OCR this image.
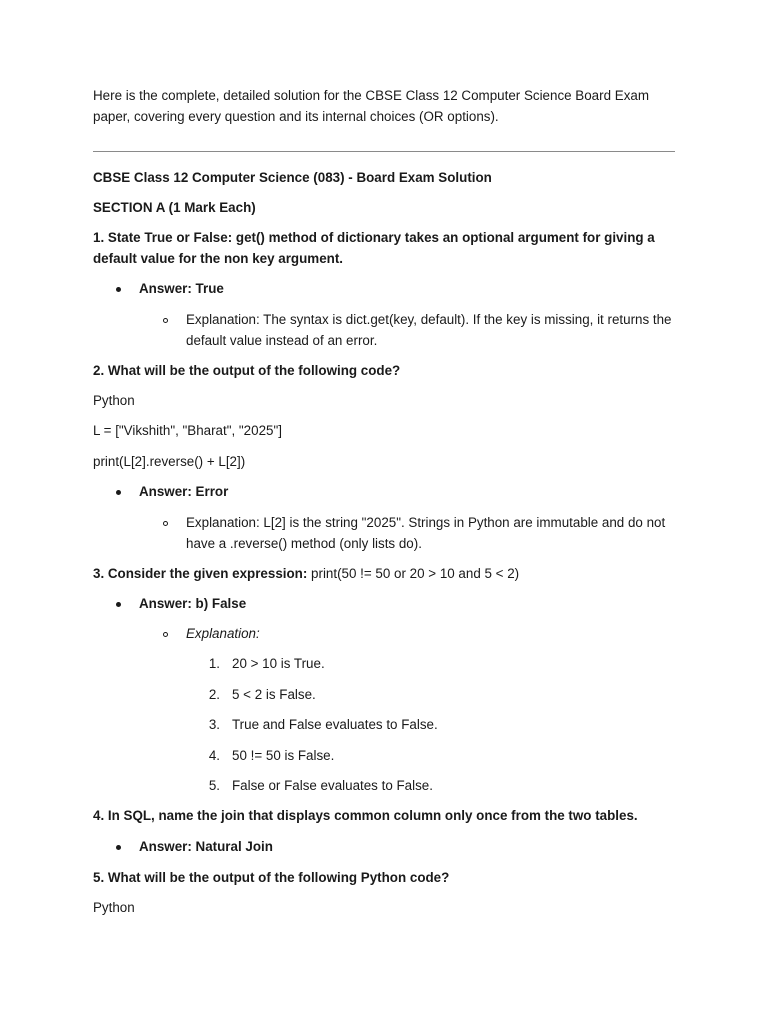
Here is the complete, detailed solution for the CBSE Class 12 Computer Science Board Exam paper, covering every question and its internal choices (OR options).
CBSE Class 12 Computer Science (083) - Board Exam Solution
SECTION A (1 Mark Each)
1. State True or False: get() method of dictionary takes an optional argument for giving a default value for the non key argument.
Answer: True
Explanation: The syntax is dict.get(key, default). If the key is missing, it returns the default value instead of an error.
2. What will be the output of the following code?
Python
L = ["Vikshith", "Bharat", "2025"]
print(L[2].reverse() + L[2])
Answer: Error
Explanation: L[2] is the string "2025". Strings in Python are immutable and do not have a .reverse() method (only lists do).
3. Consider the given expression: print(50 != 50 or 20 > 10 and 5 < 2)
Answer: b) False
Explanation:
1. 20 > 10 is True.
2. 5 < 2 is False.
3. True and False evaluates to False.
4. 50 != 50 is False.
5. False or False evaluates to False.
4. In SQL, name the join that displays common column only once from the two tables.
Answer: Natural Join
5. What will be the output of the following Python code?
Python
